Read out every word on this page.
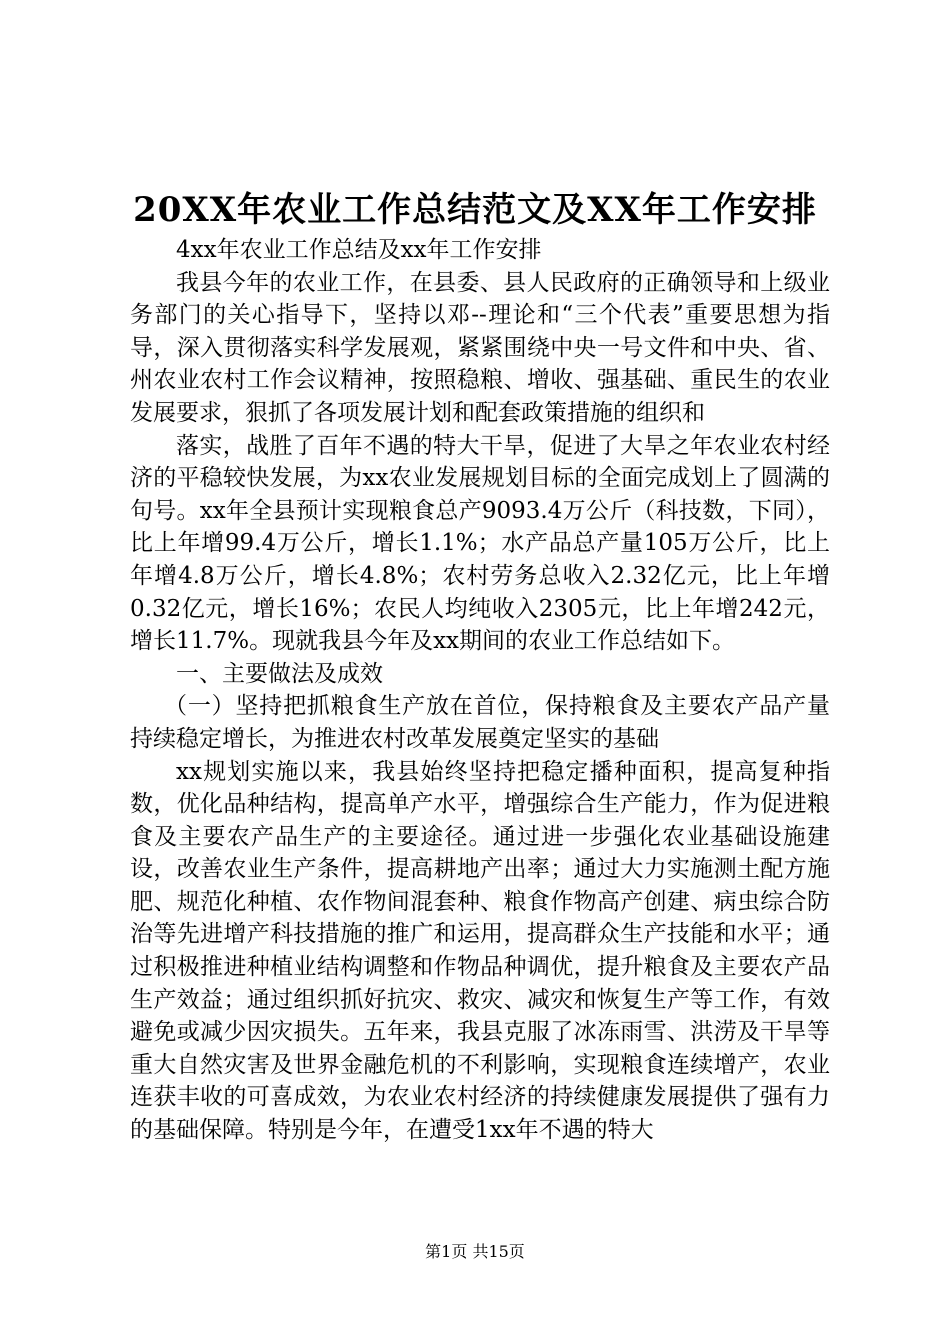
20XX年农业工作总结范文及XX年工作安排

4xx年农业工作总结及xx年工作安排

我县今年的农业工作，在县委、县人民政府的正确领导和上级业务部门的关心指导下，坚持以邓--理论和“三个代表”重要思想为指导，深入贯彻落实科学发展观，紧紧围绕中央一号文件和中央、省、州农业农村工作会议精神，按照稳粮、增收、强基础、重民生的农业发展要求，狠抓了各项发展计划和配套政策措施的组织和

落实，战胜了百年不遇的特大干旱，促进了大旱之年农业农村经济的平稳较快发展，为xx农业发展规划目标的全面完成划上了圆满的句号。xx年全县预计实现粮食总产9093.4万公斤（科技数，下同），比上年增99.4万公斤，增长1.1%；水产品总产量105万公斤，比上年增4.8万公斤，增长4.8%；农村劳务总收入2.32亿元，比上年增0.32亿元，增长16%；农民人均纯收入2305元，比上年增242元，增长11.7%。现就我县今年及xx期间的农业工作总结如下。

一、主要做法及成效

（一）坚持把抓粮食生产放在首位，保持粮食及主要农产品产量持续稳定增长，为推进农村改革发展奠定坚实的基础

xx规划实施以来，我县始终坚持把稳定播种面积，提高复种指数，优化品种结构，提高单产水平，增强综合生产能力，作为促进粮食及主要农产品生产的主要途径。通过进一步强化农业基础设施建设，改善农业生产条件，提高耕地产出率；通过大力实施测土配方施肥、规范化种植、农作物间混套种、粮食作物高产创建、病虫综合防治等先进增产科技措施的推广和运用，提高群众生产技能和水平；通过积极推进种植业结构调整和作物品种调优，提升粮食及主要农产品生产效益；通过组织抓好抗灾、救灾、减灾和恢复生产等工作，有效避免或减少因灾损失。五年来，我县克服了冰冻雨雪、洪涝及干旱等重大自然灾害及世界金融危机的不利影响，实现粮食连续增产，农业连获丰收的可喜成效，为农业农村经济的持续健康发展提供了强有力的基础保障。特别是今年，在遭受1xx年不遇的特大

第1页 共15页
